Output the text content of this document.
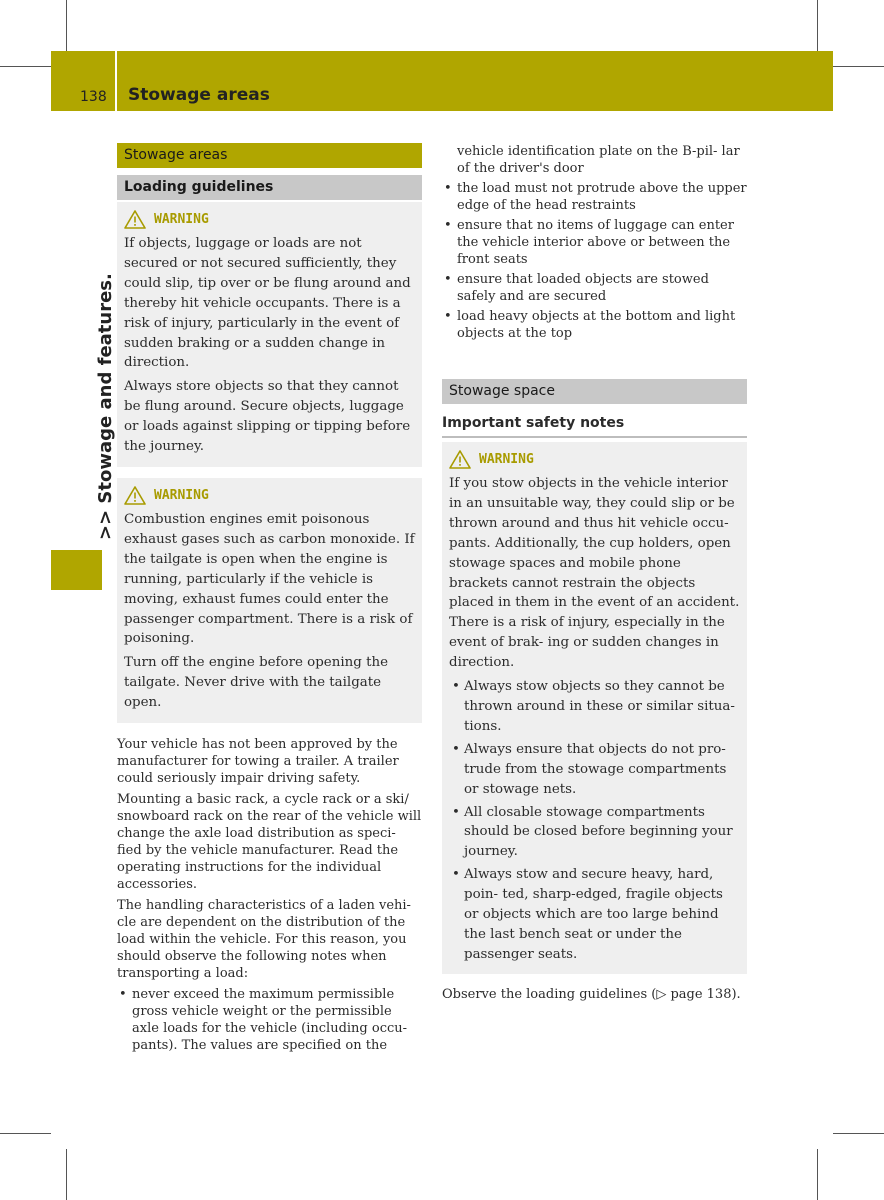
138 Stowage areas
>> Stowage and features.
Stowage areas
Loading guidelines
WARNING

If objects, luggage or loads are not secured or not secured sufficiently, they could slip, tip over or be flung around and thereby hit vehicle occupants. There is a risk of injury, particularly in the event of sudden braking or a sudden change in direction.

Always store objects so that they cannot be flung around. Secure objects, luggage or loads against slipping or tipping before the journey.

WARNING

Combustion engines emit poisonous exhaust gases such as carbon monoxide. If the tailgate is open when the engine is running, particularly if the vehicle is moving, exhaust fumes could enter the passenger compartment. There is a risk of poisoning.

Turn off the engine before opening the tailgate. Never drive with the tailgate open.

Your vehicle has not been approved by the manufacturer for towing a trailer. A trailer could seriously impair driving safety.

Mounting a basic rack, a cycle rack or a ski/ snowboard rack on the rear of the vehicle will change the axle load distribution as speci- fied by the vehicle manufacturer. Read the operating instructions for the individual accessories.

The handling characteristics of a laden vehi- cle are dependent on the distribution of the load within the vehicle. For this reason, you should observe the following notes when transporting a load:

• never exceed the maximum permissible gross vehicle weight or the permissible axle loads for the vehicle (including occu- pants). The values are specified on the

vehicle identification plate on the B-pil- lar of the driver's door

• the load must not protrude above the upper edge of the head restraints
• ensure that no items of luggage can enter the vehicle interior above or between the front seats
• ensure that loaded objects are stowed safely and are secured
• load heavy objects at the bottom and light objects at the top
Stowage space
Important safety notes
WARNING

If you stow objects in the vehicle interior in an unsuitable way, they could slip or be thrown around and thus hit vehicle occu- pants. Additionally, the cup holders, open stowage spaces and mobile phone brackets cannot restrain the objects placed in them in the event of an accident. There is a risk of injury, especially in the event of brak- ing or sudden changes in direction.

• Always stow objects so they cannot be thrown around in these or similar situa- tions.
• Always ensure that objects do not pro- trude from the stowage compartments or stowage nets.
• All closable stowage compartments should be closed before beginning your journey.
• Always stow and secure heavy, hard, poin- ted, sharp-edged, fragile objects or objects which are too large behind the last bench seat or under the passenger seats.

Observe the loading guidelines (▷ page 138).
